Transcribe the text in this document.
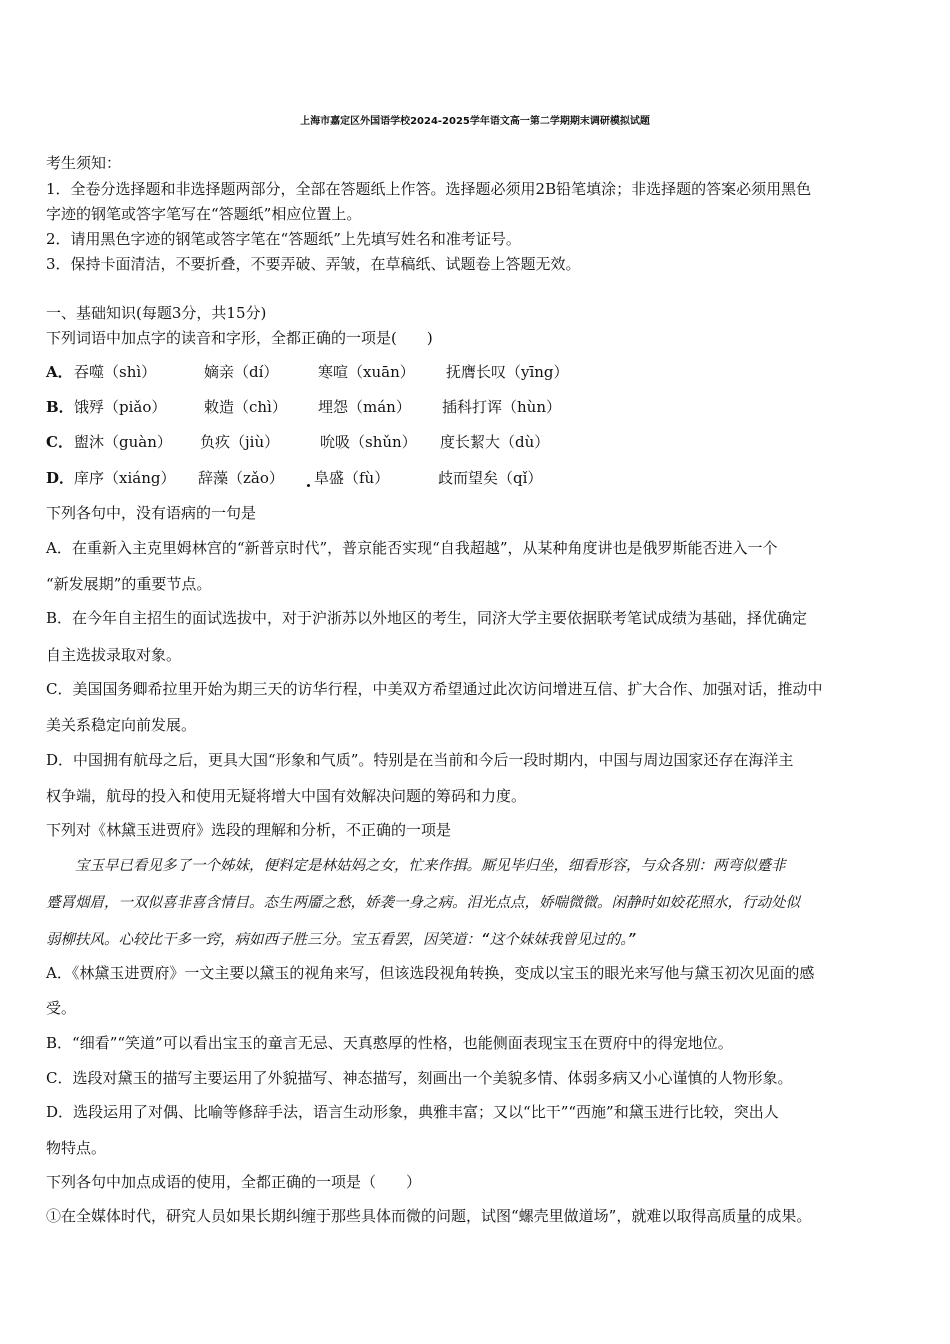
上海市嘉定区外国语学校2024-2025学年语文高一第二学期期末调研模拟试题
考生须知：
1．全卷分选择题和非选择题两部分，全部在答题纸上作答。选择题必须用2B铅笔填涂；非选择题的答案必须用黑色
字迹的钢笔或答字笔写在“答题纸”相应位置上。
2．请用黑色字迹的钢笔或答字笔在“答题纸”上先填写姓名和准考证号。
3．保持卡面清洁，不要折叠，不要弄破、弄皱，在草稿纸、试题卷上答题无效。
一、基础知识(每题3分，共15分)
下列词语中加点字的读音和字形，全都正确的一项是(　　)
A． 吞噬（shì）	嫡亲（dí）	寒喧（xuān） 抚膺长叹（yīng）
B． 饿殍（piǎo）	敕造（chì） 埋怨（mán） 插科打诨（hùn）
C． 盥沐（guàn） 负疚（jiù）	吮吸（shǔn） 度长絜大（dù）
D． 庠序（xiáng） 辞藻（zǎo） 阜盛（fù）	歧而望矣（qǐ）
下列各句中，没有语病的一句是
A．在重新入主克里姆林宫的“新普京时代”，普京能否实现“自我超越”，从某种角度讲也是俄罗斯能否进入一个
“新发展期”的重要节点。
B．在今年自主招生的面试选拔中，对于沪浙苏以外地区的考生，同济大学主要依据联考笔试成绩为基础，择优确定
自主选拔录取对象。
C．美国国务卿希拉里开始为期三天的访华行程，中美双方希望通过此次访问增进互信、扩大合作、加强对话，推动中
美关系稳定向前发展。
D．中国拥有航母之后，更具大国“形象和气质”。特别是在当前和今后一段时期内，中国与周边国家还存在海洋主
权争端，航母的投入和使用无疑将增大中国有效解决问题的筹码和力度。
下列对《林黛玉进贾府》选段的理解和分析，不正确的一项是
　　宝玉早已看见多了一个姊妹，便料定是林姑妈之女，忙来作揖。厮见毕归坐，细看形容，与众各别：两弯似蹙非
蹙罥烟眉，一双似喜非喜含情目。态生两靥之愁，娇袭一身之病。泪光点点，娇喘微微。闲静时如姣花照水，行动处似
弱柳扶风。心较比干多一窍，病如西子胜三分。宝玉看罢，因笑道：“这个妹妹我曾见过的。”
A．《林黛玉进贾府》一文主要以黛玉的视角来写，但该选段视角转换，变成以宝玉的眼光来写他与黛玉初次见面的感
受。
B．“细看”“笑道”可以看出宝玉的童言无忌、天真憨厚的性格，也能侧面表现宝玉在贾府中的得宠地位。
C．选段对黛玉的描写主要运用了外貌描写、神态描写，刻画出一个美貌多情、体弱多病又小心谨慎的人物形象。
D．选段运用了对偶、比喻等修辞手法，语言生动形象，典雅丰富；又以“比干”“西施”和黛玉进行比较，突出人
物特点。
下列各句中加点成语的使用，全都正确的一项是（　　）
①在全媒体时代，研究人员如果长期纠缠于那些具体而微的问题，试图“螺壳里做道场”，就难以取得高质量的成果。
